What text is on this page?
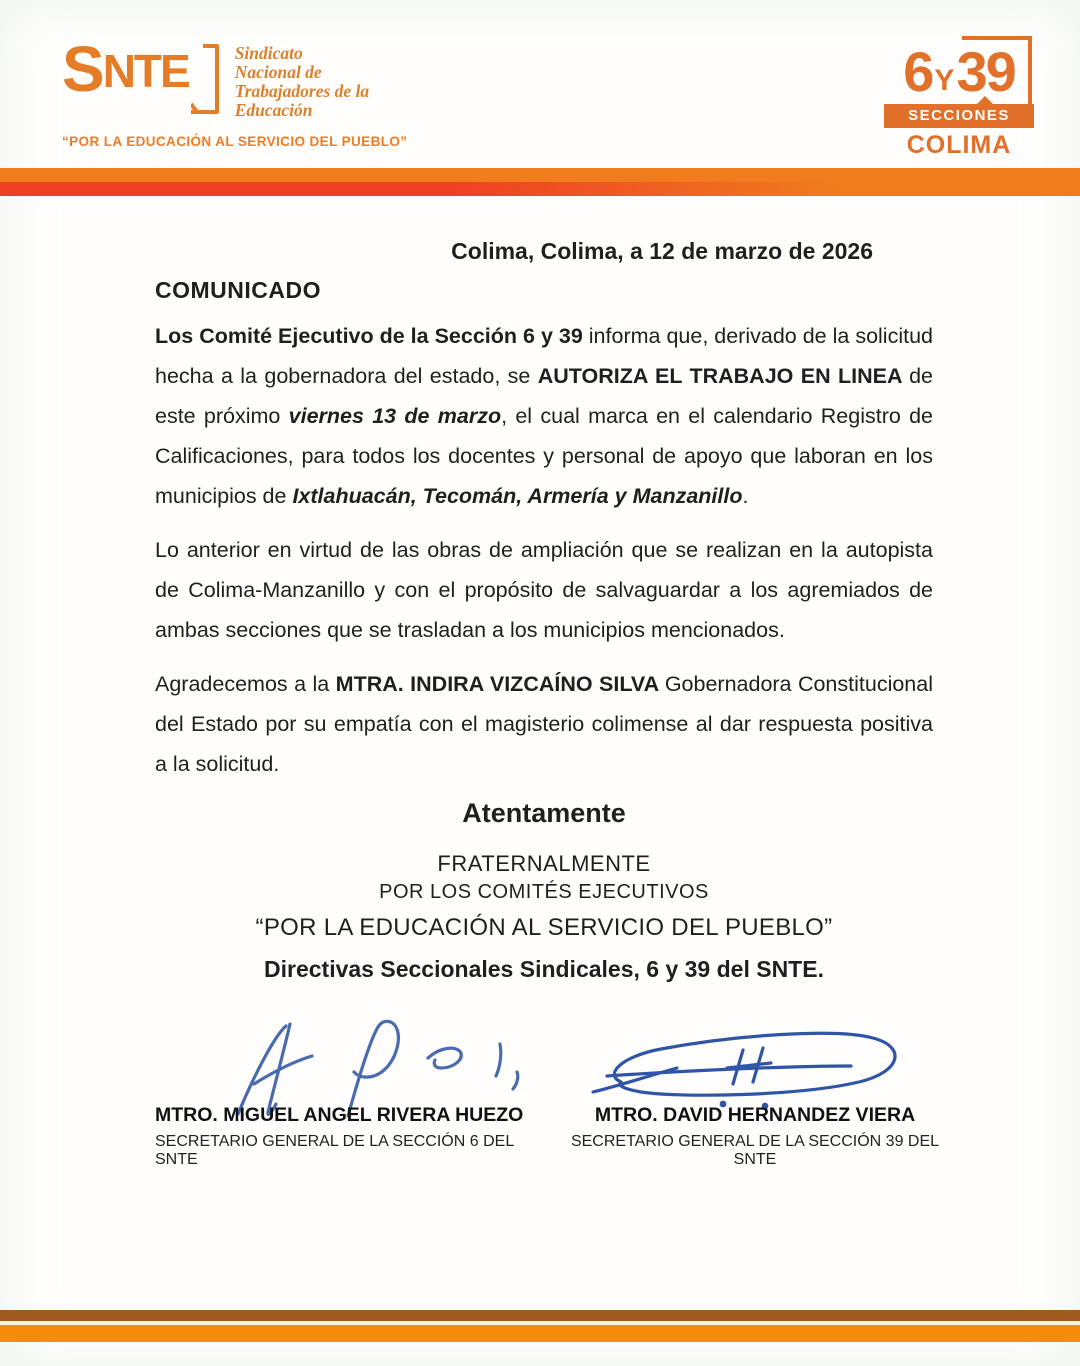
S NTE	Sindicato
Nacional de
Trabajadores de la
Educación
“POR LA EDUCACIÓN AL SERVICIO DEL PUEBLO”
6 Y 39
SECCIONES
COLIMA

Colima, Colima, a 12 de marzo de 2026

COMUNICADO

Los Comité Ejecutivo de la Sección 6 y 39 informa que, derivado de la solicitud hecha a la gobernadora del estado, se AUTORIZA EL TRABAJO EN LINEA de este próximo viernes 13 de marzo, el cual marca en el calendario Registro de Calificaciones, para todos los docentes y personal de apoyo que laboran en los municipios de Ixtlahuacán, Tecomán, Armería y Manzanillo.

Lo anterior en virtud de las obras de ampliación que se realizan en la autopista de Colima-Manzanillo y con el propósito de salvaguardar a los agremiados de ambas secciones que se trasladan a los municipios mencionados.

Agradecemos a la MTRA. INDIRA VIZCAÍNO SILVA Gobernadora Constitucional del Estado por su empatía con el magisterio colimense al dar respuesta positiva a la solicitud.

Atentamente

FRATERNALMENTE

POR LOS COMITÉS EJECUTIVOS

“POR LA EDUCACIÓN AL SERVICIO DEL PUEBLO”

Directivas Seccionales Sindicales, 6 y 39 del SNTE.

MTRO. MIGUEL ANGEL RIVERA HUEZO
SECRETARIO GENERAL DE LA SECCIÓN 6 DEL SNTE
MTRO. DAVID HERNANDEZ VIERA
SECRETARIO GENERAL DE LA SECCIÓN 39 DEL SNTE
